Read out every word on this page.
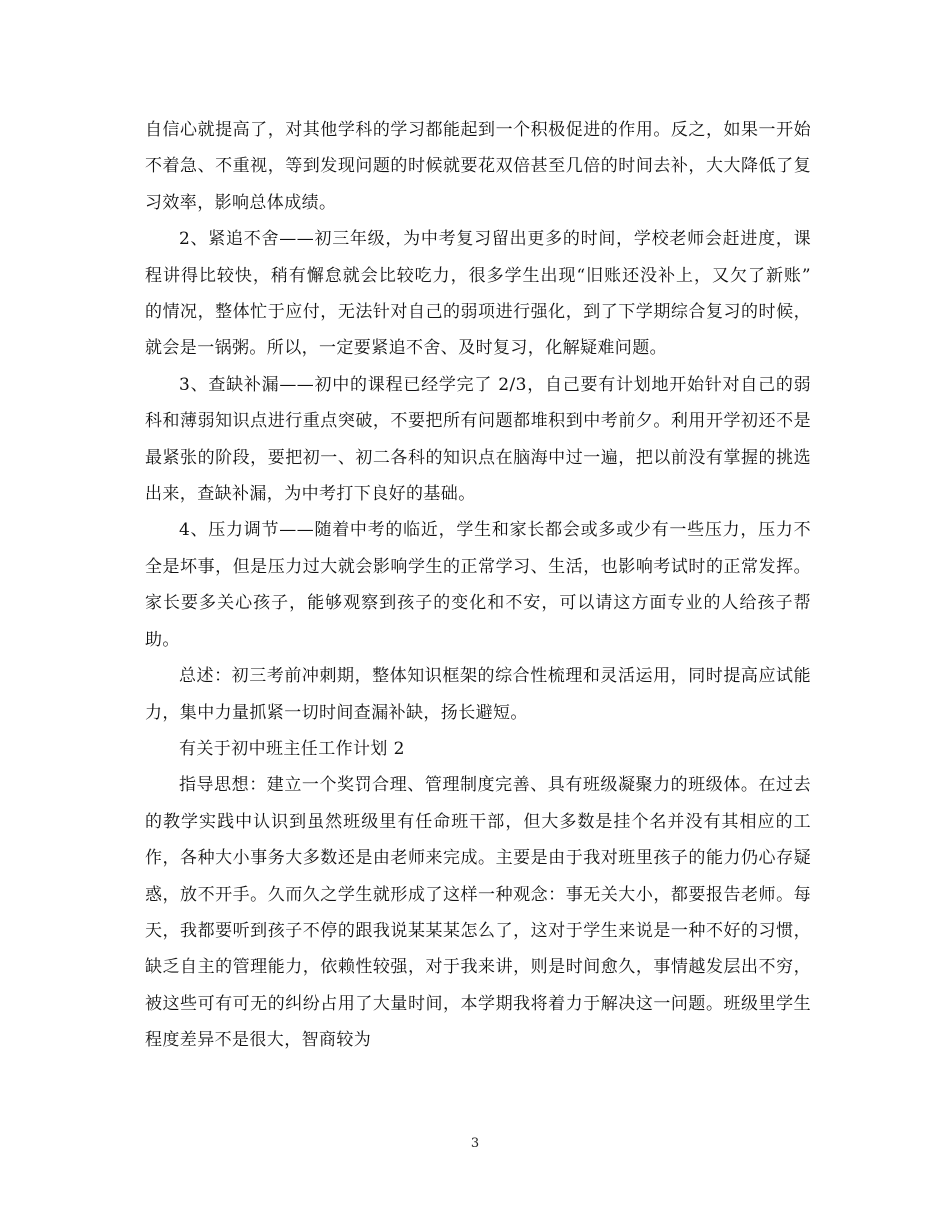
自信心就提高了，对其他学科的学习都能起到一个积极促进的作用。反之，如果一开始不着急、不重视，等到发现问题的时候就要花双倍甚至几倍的时间去补，大大降低了复习效率，影响总体成绩。

2、紧追不舍——初三年级，为中考复习留出更多的时间，学校老师会赶进度，课程讲得比较快，稍有懈怠就会比较吃力，很多学生出现“旧账还没补上，又欠了新账” 的情况，整体忙于应付，无法针对自己的弱项进行强化，到了下学期综合复习的时候，就会是一锅粥。所以，一定要紧追不舍、及时复习，化解疑难问题。

3、查缺补漏——初中的课程已经学完了 2/3，自己要有计划地开始针对自己的弱科和薄弱知识点进行重点突破，不要把所有问题都堆积到中考前夕。利用开学初还不是最紧张的阶段，要把初一、初二各科的知识点在脑海中过一遍，把以前没有掌握的挑选出来，查缺补漏，为中考打下良好的基础。

4、压力调节——随着中考的临近，学生和家长都会或多或少有一些压力，压力不全是坏事，但是压力过大就会影响学生的正常学习、生活，也影响考试时的正常发挥。家长要多关心孩子，能够观察到孩子的变化和不安，可以请这方面专业的人给孩子帮助。

总述：初三考前冲刺期，整体知识框架的综合性梳理和灵活运用，同时提高应试能力，集中力量抓紧一切时间查漏补缺，扬长避短。

有关于初中班主任工作计划 2

指导思想：建立一个奖罚合理、管理制度完善、具有班级凝聚力的班级体。在过去的教学实践中认识到虽然班级里有任命班干部，但大多数是挂个名并没有其相应的工作，各种大小事务大多数还是由老师来完成。主要是由于我对班里孩子的能力仍心存疑惑，放不开手。久而久之学生就形成了这样一种观念：事无关大小，都要报告老师。每天，我都要听到孩子不停的跟我说某某某怎么了，这对于学生来说是一种不好的习惯，缺乏自主的管理能力，依赖性较强，对于我来讲，则是时间愈久，事情越发层出不穷，被这些可有可无的纠纷占用了大量时间，本学期我将着力于解决这一问题。班级里学生程度差异不是很大，智商较为

3
